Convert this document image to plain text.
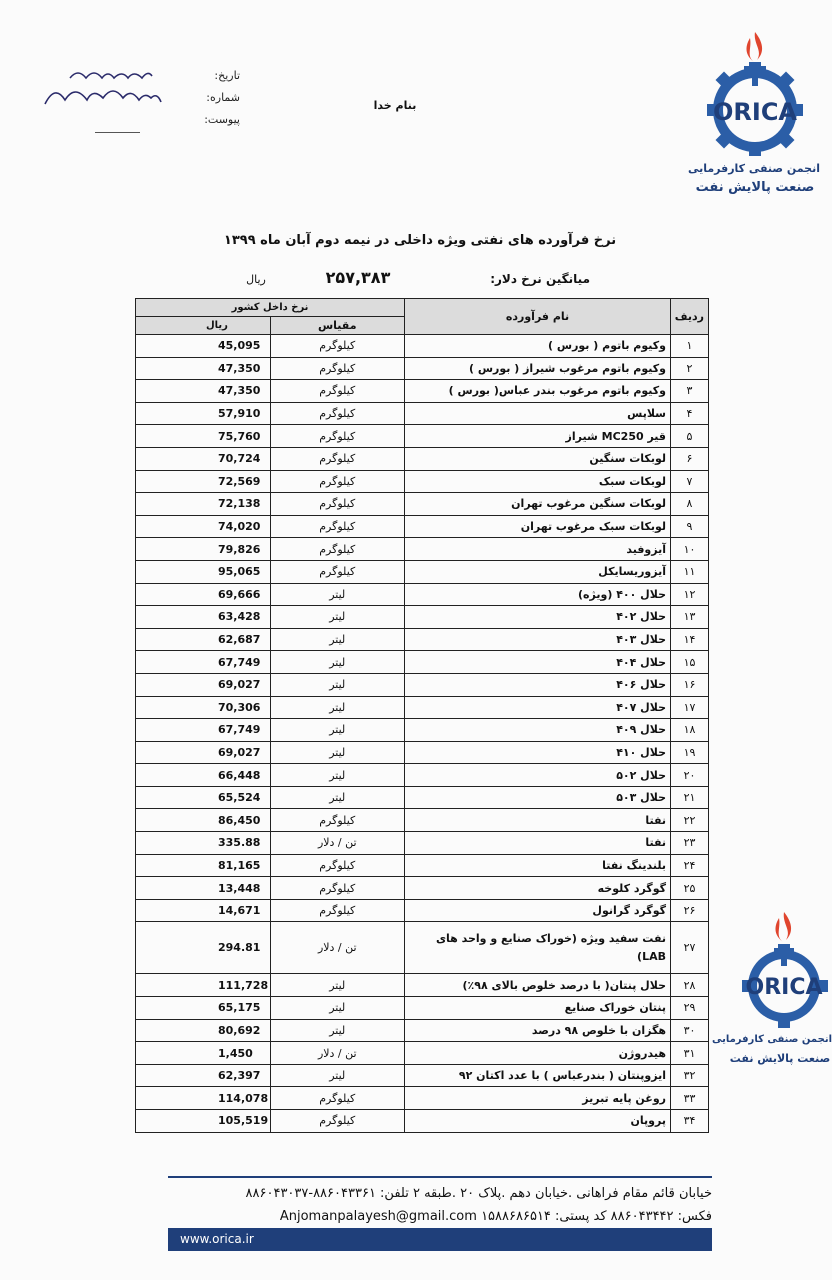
تاریخ:
شماره:
پیوست:
بنام خدا	ORICA
انجمن صنفی کارفرمایی
صنعت پالایش نفت
ORICA
انجمن صنفی کارفرمایی
صنعت پالایش نفت
نرخ فرآورده های نفتی ویژه داخلی در نیمه دوم آبان ماه ۱۳۹۹
میانگین نرخ دلار:
۲۵۷,۳۸۳
ریال
ردیف	نام فرآورده	نرخ داخل کشور	
		مقیاس	ریال
۱	وکیوم باتوم ( بورس )	کیلوگرم	45,095
۲	وکیوم باتوم مرغوب شیراز ( بورس )	کیلوگرم	47,350
۳	وکیوم باتوم مرغوب بندر عباس( بورس )	کیلوگرم	47,350
۴	سلاپس	کیلوگرم	57,910
۵	قیر MC250 شیراز	کیلوگرم	75,760
۶	لوبکات سنگین	کیلوگرم	70,724
۷	لوبکات سبک	کیلوگرم	72,569
۸	لوبکات سنگین مرغوب تهران	کیلوگرم	72,138
۹	لوبکات سبک مرغوب تهران	کیلوگرم	74,020
۱۰	آیزوفید	کیلوگرم	79,826
۱۱	آیزوریسایکل	کیلوگرم	95,065
۱۲	حلال ۴۰۰ (ویژه)	لیتر	69,666
۱۳	حلال ۴۰۲	لیتر	63,428
۱۴	حلال ۴۰۳	لیتر	62,687
۱۵	حلال ۴۰۴	لیتر	67,749
۱۶	حلال ۴۰۶	لیتر	69,027
۱۷	حلال ۴۰۷	لیتر	70,306
۱۸	حلال ۴۰۹	لیتر	67,749
۱۹	حلال ۴۱۰	لیتر	69,027
۲۰	حلال ۵۰۲	لیتر	66,448
۲۱	حلال ۵۰۳	لیتر	65,524
۲۲	نفتا	کیلوگرم	86,450
۲۳	نفتا	تن / دلار	335.88
۲۴	بلندینگ نفتا	کیلوگرم	81,165
۲۵	گوگرد کلوخه	کیلوگرم	13,448
۲۶	گوگرد گرانول	کیلوگرم	14,671
۲۷	نفت سفید ویژه (خوراک صنایع و واحد های LAB)	تن / دلار	294.81
۲۸	حلال پنتان( با درصد خلوص بالای ۹۸٪)	لیتر	111,728
۲۹	پنتان خوراک صنایع	لیتر	65,175
۳۰	هگزان با خلوص ۹۸ درصد	لیتر	80,692
۳۱	هیدروژن	تن / دلار	1,450
۳۲	ایزوپنتان ( بندرعباس ) با عدد اکتان ۹۲	لیتر	62,397
۳۳	روغن پایه تبریز	کیلوگرم	114,078
۳۴	پروپان	کیلوگرم	105,519
خیابان قائم مقام فراهانی .خیابان دهم .پلاک ۲۰ .طبقه ۲ تلفن: ۸۸۶۰۴۳۳۶۱-۸۸۶۰۴۳۰۳۷
فکس: ۸۸۶۰۴۳۴۴۲ کد پستی: ۱۵۸۸۶۸۶۵۱۴ Anjomanpalayesh@gmail.com
www.orica.ir
